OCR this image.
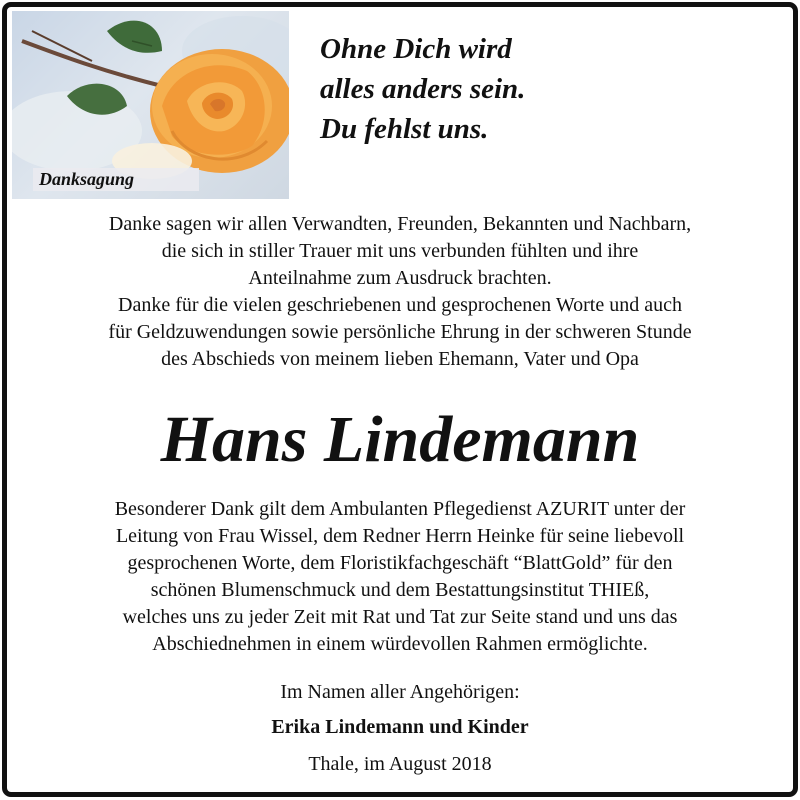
Danksagung
Ohne Dich wird
alles anders sein.
Du fehlst uns.
Danke sagen wir allen Verwandten, Freunden, Bekannten und Nachbarn,
die sich in stiller Trauer mit uns verbunden fühlten und ihre
Anteilnahme zum Ausdruck brachten.
Danke für die vielen geschriebenen und gesprochenen Worte und auch
für Geldzuwendungen sowie persönliche Ehrung in der schweren Stunde
des Abschieds von meinem lieben Ehemann, Vater und Opa
Hans Lindemann
Besonderer Dank gilt dem Ambulanten Pflegedienst AZURIT unter der
Leitung von Frau Wissel, dem Redner Herrn Heinke für seine liebevoll
gesprochenen Worte, dem Floristikfachgeschäft “BlattGold” für den
schönen Blumenschmuck und dem Bestattungsinstitut THIEß,
welches uns zu jeder Zeit mit Rat und Tat zur Seite stand und uns das
Abschiednehmen in einem würdevollen Rahmen ermöglichte.
Im Namen aller Angehörigen:
Erika Lindemann und Kinder
Thale, im August 2018
